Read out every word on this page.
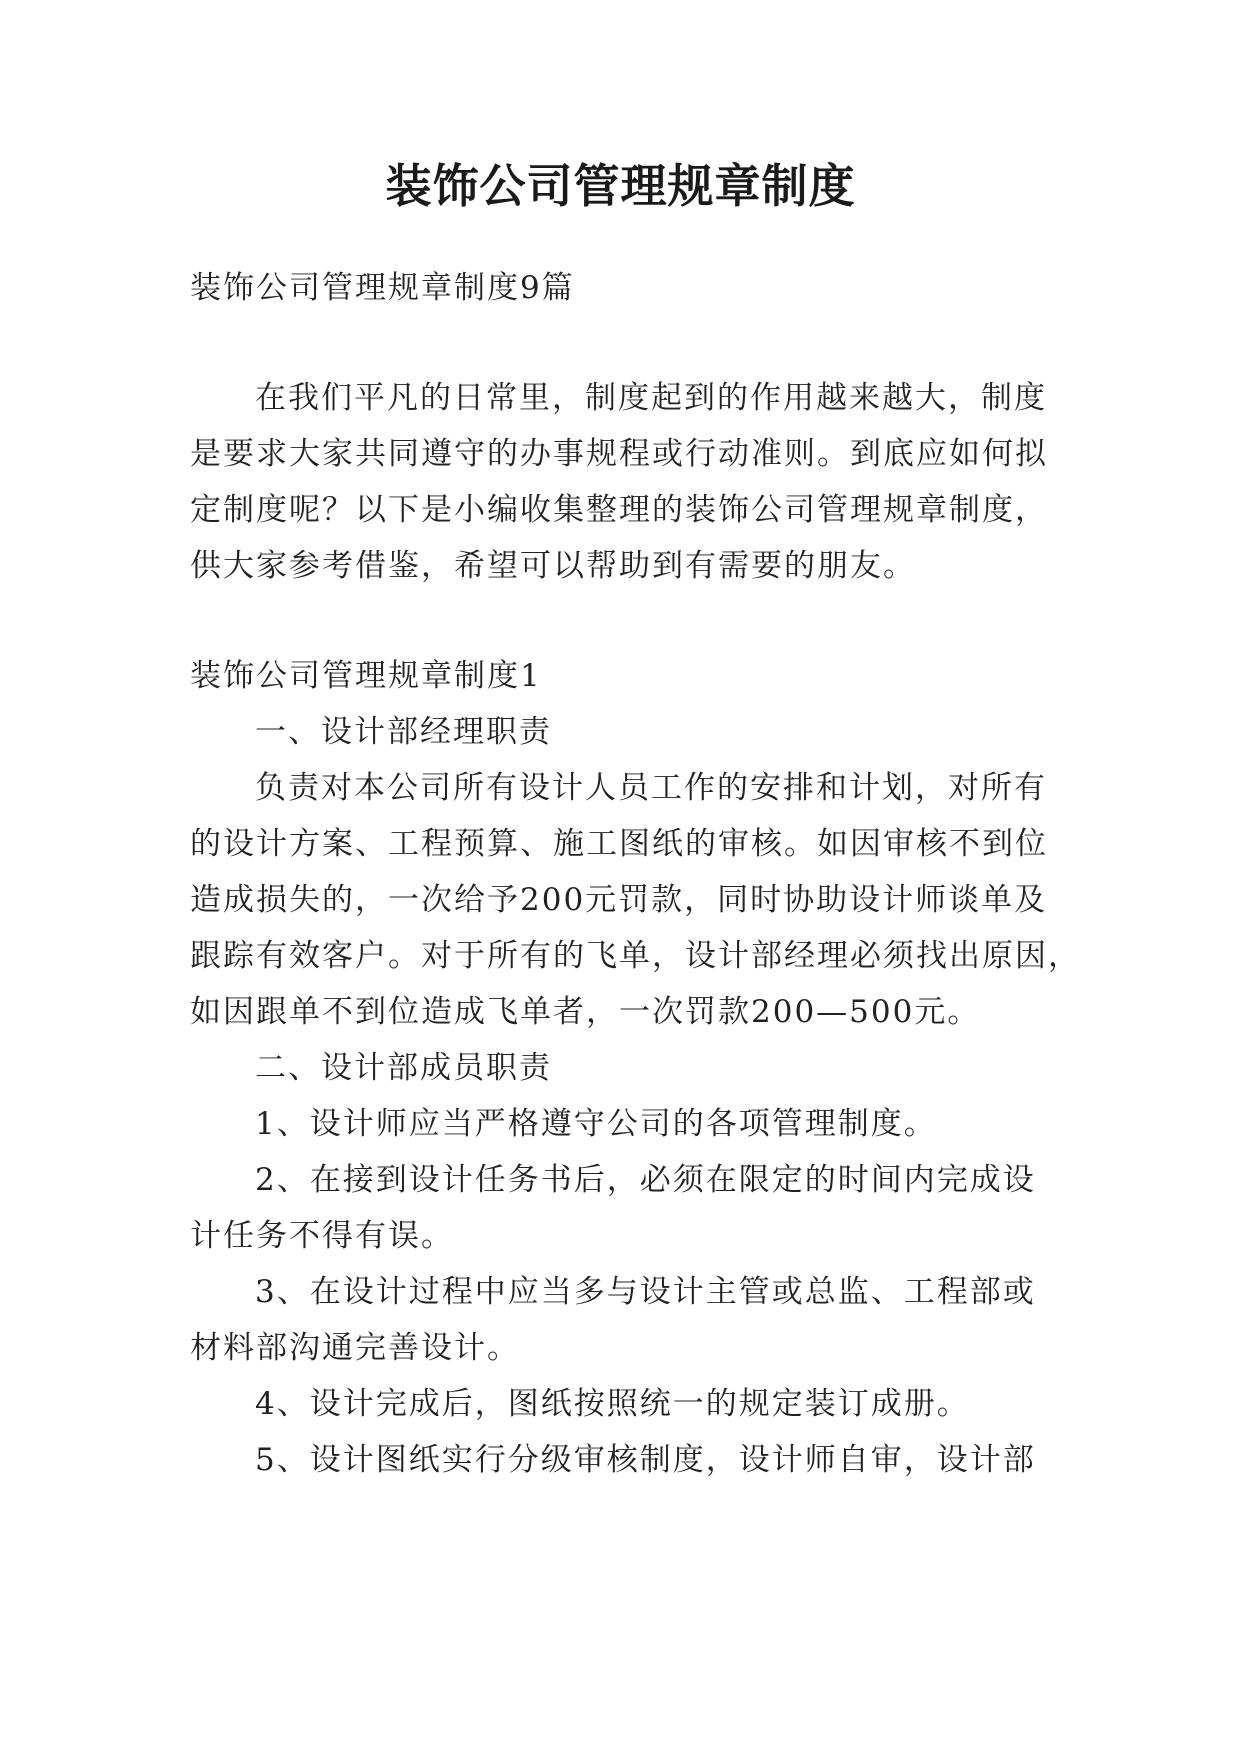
装饰公司管理规章制度
装饰公司管理规章制度9篇
在我们平凡的日常里，制度起到的作用越来越大，制度
是要求大家共同遵守的办事规程或行动准则。到底应如何拟
定制度呢？以下是小编收集整理的装饰公司管理规章制度，
供大家参考借鉴，希望可以帮助到有需要的朋友。
装饰公司管理规章制度1
一、设计部经理职责
负责对本公司所有设计人员工作的安排和计划，对所有
的设计方案、工程预算、施工图纸的审核。如因审核不到位
造成损失的，一次给予200元罚款，同时协助设计师谈单及
跟踪有效客户。对于所有的飞单，设计部经理必须找出原因，
如因跟单不到位造成飞单者，一次罚款200—500元。
二、设计部成员职责
1、设计师应当严格遵守公司的各项管理制度。
2、在接到设计任务书后，必须在限定的时间内完成设
计任务不得有误。
3、在设计过程中应当多与设计主管或总监、工程部或
材料部沟通完善设计。
4、设计完成后，图纸按照统一的规定装订成册。
5、设计图纸实行分级审核制度，设计师自审，设计部
